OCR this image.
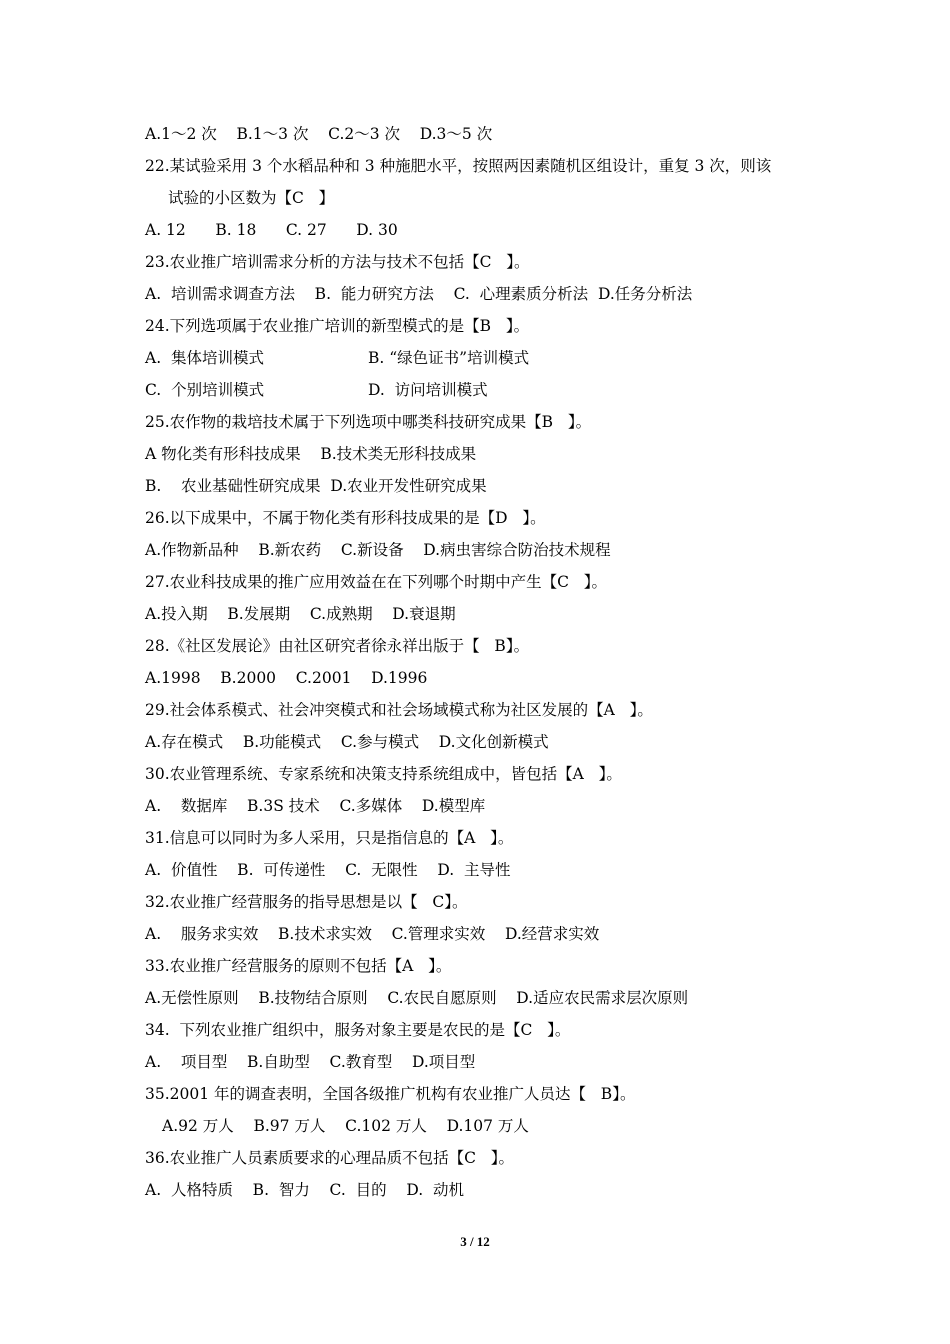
A.1～2 次    B.1～3 次    C.2～3 次    D.3～5 次
22.某试验采用 3 个水稻品种和 3 种施肥水平，按照两因素随机区组设计，重复 3 次，则该
试验的小区数为【C   】
A. 12      B. 18      C. 27      D. 30
23.农业推广培训需求分析的方法与技术不包括【C   】。
A.  培训需求调查方法    B.  能力研究方法    C.  心理素质分析法  D.任务分析法
24.下列选项属于农业推广培训的新型模式的是【B   】。
A.  集体培训模式	B. “绿色证书”培训模式
C.  个别培训模式	D.  访问培训模式
25.农作物的栽培技术属于下列选项中哪类科技研究成果【B   】。
A 物化类有形科技成果    B.技术类无形科技成果
B.    农业基础性研究成果  D.农业开发性研究成果
26.以下成果中，不属于物化类有形科技成果的是【D   】。
A.作物新品种    B.新农药    C.新设备    D.病虫害综合防治技术规程
27.农业科技成果的推广应用效益在在下列哪个时期中产生【C   】。
A.投入期    B.发展期    C.成熟期    D.衰退期
28.《社区发展论》由社区研究者徐永祥出版于【   B】。
A.1998    B.2000    C.2001    D.1996
29.社会体系模式、社会冲突模式和社会场域模式称为社区发展的【A   】。
A.存在模式    B.功能模式    C.参与模式    D.文化创新模式
30.农业管理系统、专家系统和决策支持系统组成中，皆包括【A   】。
A.    数据库    B.3S 技术    C.多媒体    D.模型库
31.信息可以同时为多人采用，只是指信息的【A   】。
A.  价值性    B.  可传递性    C.  无限性    D.  主导性
32.农业推广经营服务的指导思想是以【   C】。
A.    服务求实效    B.技术求实效    C.管理求实效    D.经营求实效
33.农业推广经营服务的原则不包括【A   】。
A.无偿性原则    B.技物结合原则    C.农民自愿原则    D.适应农民需求层次原则
34.  下列农业推广组织中，服务对象主要是农民的是【C   】。
A.    项目型    B.自助型    C.教育型    D.项目型
35.2001 年的调查表明，全国各级推广机构有农业推广人员达【   B】。
A.92 万人    B.97 万人    C.102 万人    D.107 万人
36.农业推广人员素质要求的心理品质不包括【C   】。
A.  人格特质    B.  智力    C.  目的    D.  动机
3 / 12
